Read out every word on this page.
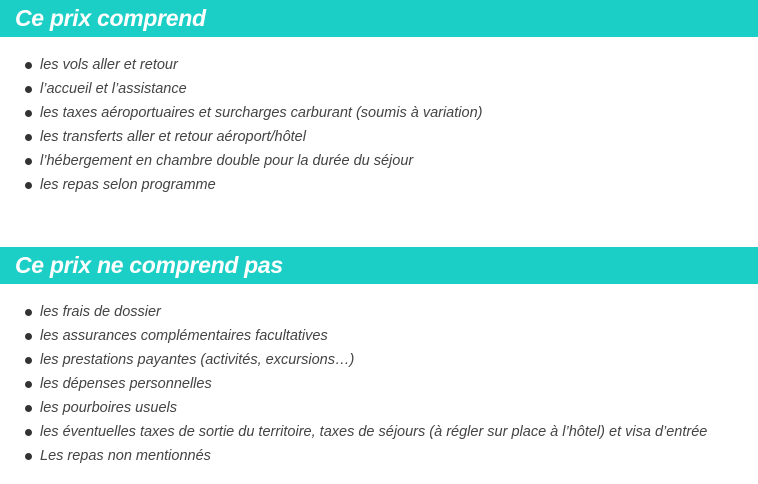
Ce prix comprend
les vols aller et retour
l’accueil et l’assistance
les taxes aéroportuaires et surcharges carburant (soumis à variation)
les transferts aller et retour aéroport/hôtel
l’hébergement en chambre double pour la durée du séjour
les repas selon programme
Ce prix ne comprend pas
les frais de dossier
les assurances complémentaires facultatives
les prestations payantes (activités, excursions…)
les dépenses personnelles
les pourboires usuels
les éventuelles taxes de sortie du territoire, taxes de séjours (à régler sur place à l’hôtel) et visa d’entrée
Les repas non mentionnés
